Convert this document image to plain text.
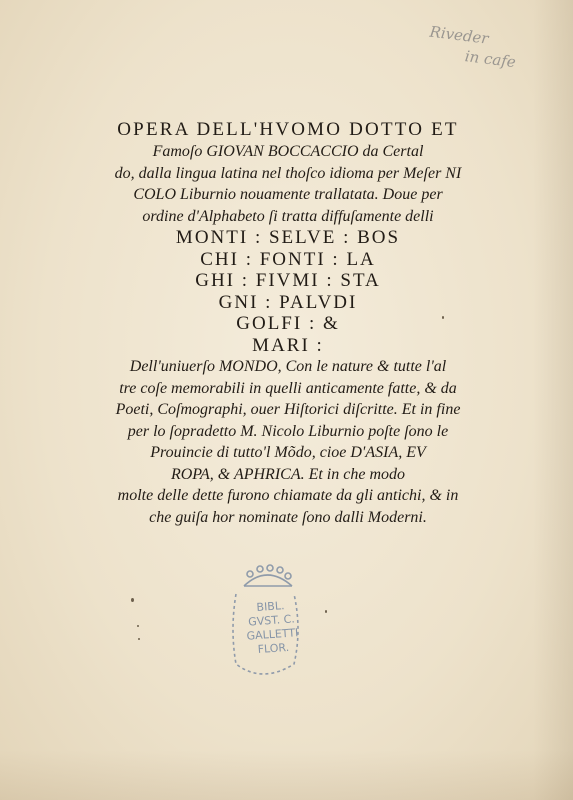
Riveder
in cafe
OPERA DELL'HVOMO DOTTO ET
Famoſo GIOVAN BOCCACCIO da Certal
do, dalla lingua latina nel thoſco idioma per Meſer NI
COLO Liburnio nouamente trallatata. Doue per
ordine d'Alphabeto ſi tratta diffuſamente delli
MONTI : SELVE : BOS
CHI : FONTI : LA
GHI : FIVMI : STA
GNI : PALVDI
GOLFI : &
MARI :
Dell'uniuerſo MONDO, Con le nature & tutte l'al
tre coſe memorabili in quelli anticamente fatte, & da
Poeti, Coſmographi, ouer Hiſtorici diſcritte. Et in fine
per lo ſopradetto M. Nicolo Liburnio poſte ſono le
Prouincie di tutto'l Mõdo, cioe D'ASIA, EV
ROPA, & APHRICA. Et in che modo
molte delle dette furono chiamate da gli antichi, & in
che guiſa hor nominate ſono dalli Moderni.
BIBL.
GVST. C.
GALLETTI
FLOR.
